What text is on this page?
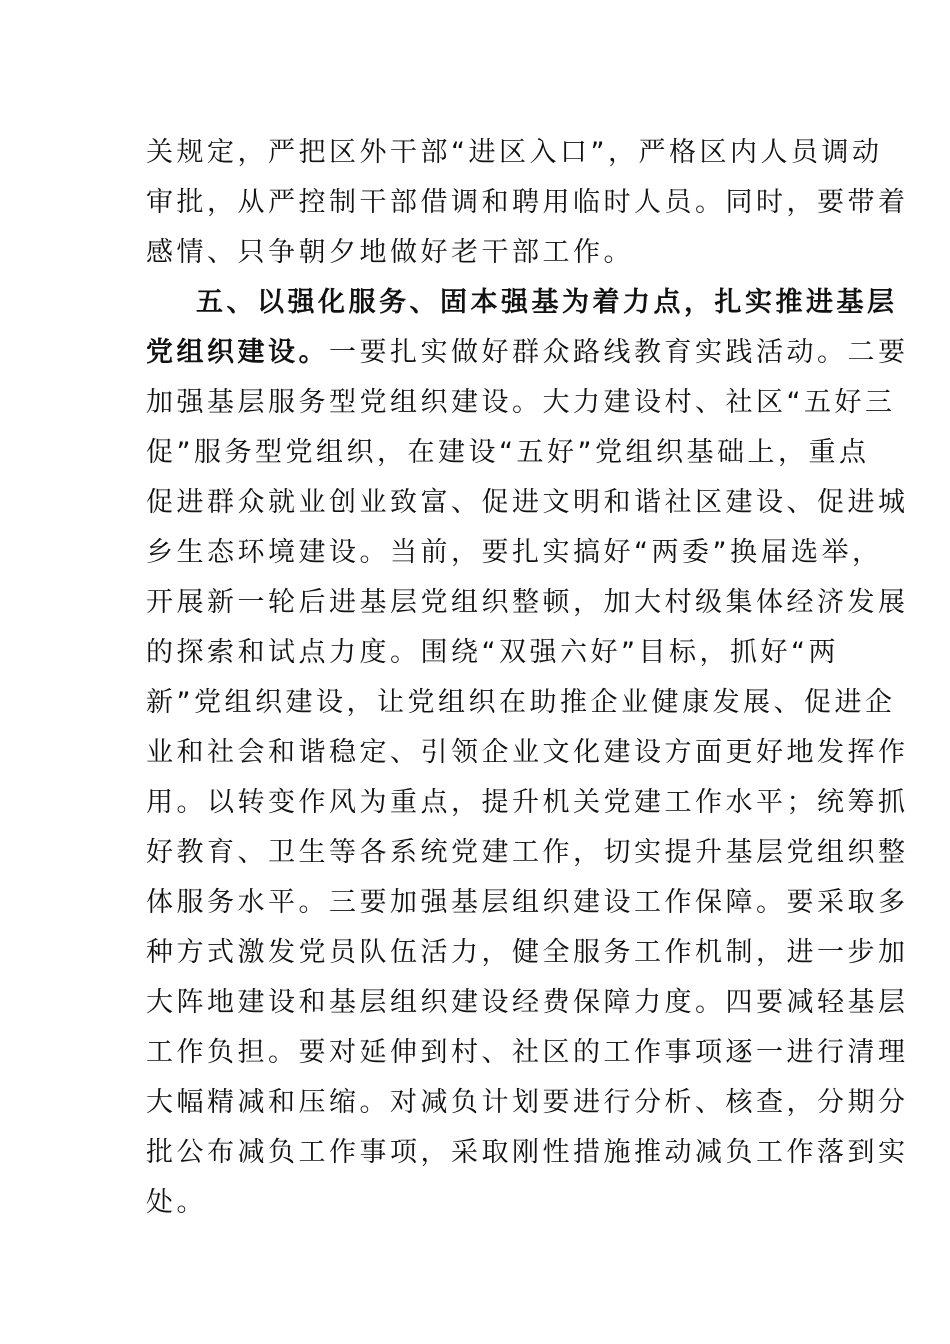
关规定，严把区外干部“进区入口”，严格区内人员调动
审批，从严控制干部借调和聘用临时人员。同时，要带着
感情、只争朝夕地做好老干部工作。
五、以强化服务、固本强基为着力点，扎实推进基层
党组织建设。一要扎实做好群众路线教育实践活动。二要
加强基层服务型党组织建设。大力建设村、社区“五好三
促”服务型党组织，在建设“五好”党组织基础上，重点
促进群众就业创业致富、促进文明和谐社区建设、促进城
乡生态环境建设。当前，要扎实搞好“两委”换届选举，
开展新一轮后进基层党组织整顿，加大村级集体经济发展
的探索和试点力度。围绕“双强六好”目标，抓好“两
新”党组织建设，让党组织在助推企业健康发展、促进企
业和社会和谐稳定、引领企业文化建设方面更好地发挥作
用。以转变作风为重点，提升机关党建工作水平；统筹抓
好教育、卫生等各系统党建工作，切实提升基层党组织整
体服务水平。三要加强基层组织建设工作保障。要采取多
种方式激发党员队伍活力，健全服务工作机制，进一步加
大阵地建设和基层组织建设经费保障力度。四要减轻基层
工作负担。要对延伸到村、社区的工作事项逐一进行清理
大幅精减和压缩。对减负计划要进行分析、核查，分期分
批公布减负工作事项，采取刚性措施推动减负工作落到实
处。
